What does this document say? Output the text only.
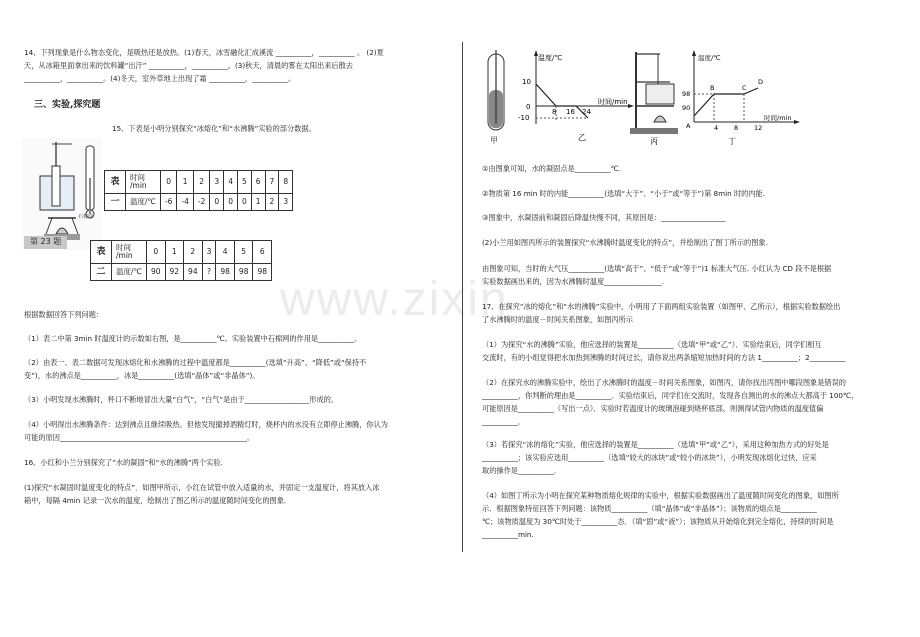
www.zixin
14、下列现象是什么物态变化，是吸热还是放热。(1)春天，冰雪融化汇成溪流 __________，__________ 。 (2)夏
天，从冰箱里面拿出来的饮料罐“出汗” __________，__________。(3)秋天，清晨的雾在太阳出来后散去
__________，__________。(4)冬天，室外草地上出现了霜 __________，__________。
三、实验,探究题
15、下表是小明分别探究“冰熔化”和“水沸腾”实验的部分数据。
石棉网
第 23 题
表	时间
/min	0	1	2	3	4	5	6	7	8
一	温度/℃	-6	-4	-2	0	0	0	1	2	3
表	时间
/min	0	1	2	3	4	5	6
二	温度/℃	90	92	94	?	98	98	98
根据数据回答下列问题：
（1）表二中第 3min 时温度计的示数如右图，是__________℃。实验装置中石棉网的作用是__________。
（2）由表一、表二数据可发现冰熔化和水沸腾的过程中温度都是__________(选填“升高”、“降低”或“保持不
变”)，水的沸点是__________，冰是__________(选填“晶体”或“非晶体”)。
（3）小明发现水沸腾时，杯口不断地冒出大量“白气”，“白气”是由于__________________形成的。
（4）小明得出水沸腾条件：达到沸点且继续吸热。但他发现撤掉酒精灯时，烧杯内的水没有立即停止沸腾，你认为
可能的原因____________________________________________________。
16、小红和小兰分别探究了“水的凝固”和“水的沸腾”两个实验.
(1)探究“水凝固时温度变化的特点”．如图甲所示，小红在试管中放入适量的水，并固定一支温度计，将其放入冰
箱中，每隔 4min 记录一次水的温度，绘制出了图乙所示的温度随时间变化的图象.
甲
温度/℃
时间/min
10
0
-10
8 16 24
乙	丙
温度/℃
时间/min
98
90
4 8 12
A
B	C
D
丁
①由图象可知，水的凝固点是__________℃.
②物质第 16 min 时的内能__________(选填“大于”、“小于”或“等于”)第 8min 时的内能.
③图象中，水凝固前和凝固后降温快慢不同，其原因是：__________________
(2)小兰用如图丙所示的装置探究“水沸腾时温度变化的特点”，并绘制出了图丁所示的图象.
由图象可知，当时的大气压__________(选填“高于”、“低于”或“等于”)1 标准大气压. 小红认为 CD 段不是根据
实验数据画出来的，因为水沸腾时温度________________.
17、在探究“冰的熔化”和“水的沸腾”实验中，小明用了下面两组实验装置（如图甲、乙所示），根据实验数据绘出
了水沸腾时的温度－时间关系图象，如图丙所示
（1）为探究“水的沸腾”实验，他应选择的装置是__________（选填“甲”或“乙”）．实验结束后，同学们相互
交流时，有的小组觉得把水加热到沸腾的时间过长，请你说出两条缩短加热时间的方法 1__________；2__________
（2）在探究水的沸腾实验中，绘出了水沸腾时的温度－时间关系图象，如图丙，请你找出丙图中哪段图象是错误的
__________，你判断的理由是__________．实验结束后，同学们在交流时，发现各自测出的水的沸点大都高于 100℃，
可能原因是__________（写出一点）．实验时若温度计的玻璃泡碰到烧杯底部，则测得试管内物质的温度值偏
__________．
（3）若探究“冰的熔化”实验，他应选择的装置是__________（选填“甲”或“乙”），采用这种加热方式的好处是
__________；该实验应选用__________（选填“较大的冰块”或“较小的冰块”），小明发现冰熔化过快，应采
取的操作是__________．
（4）如图丁所示为小明在探究某种物质熔化规律的实验中，根据实验数据画出了温度随时间变化的图象，如图所
示．根据图象特征回答下列问题：该物质__________（填“晶体”或“非晶体”）；该物质的熔点是__________
℃；该物质温度为 30℃时处于__________态．（填“固”或“液”）；该物质从开始熔化到完全熔化，持续的时间是
__________min.
